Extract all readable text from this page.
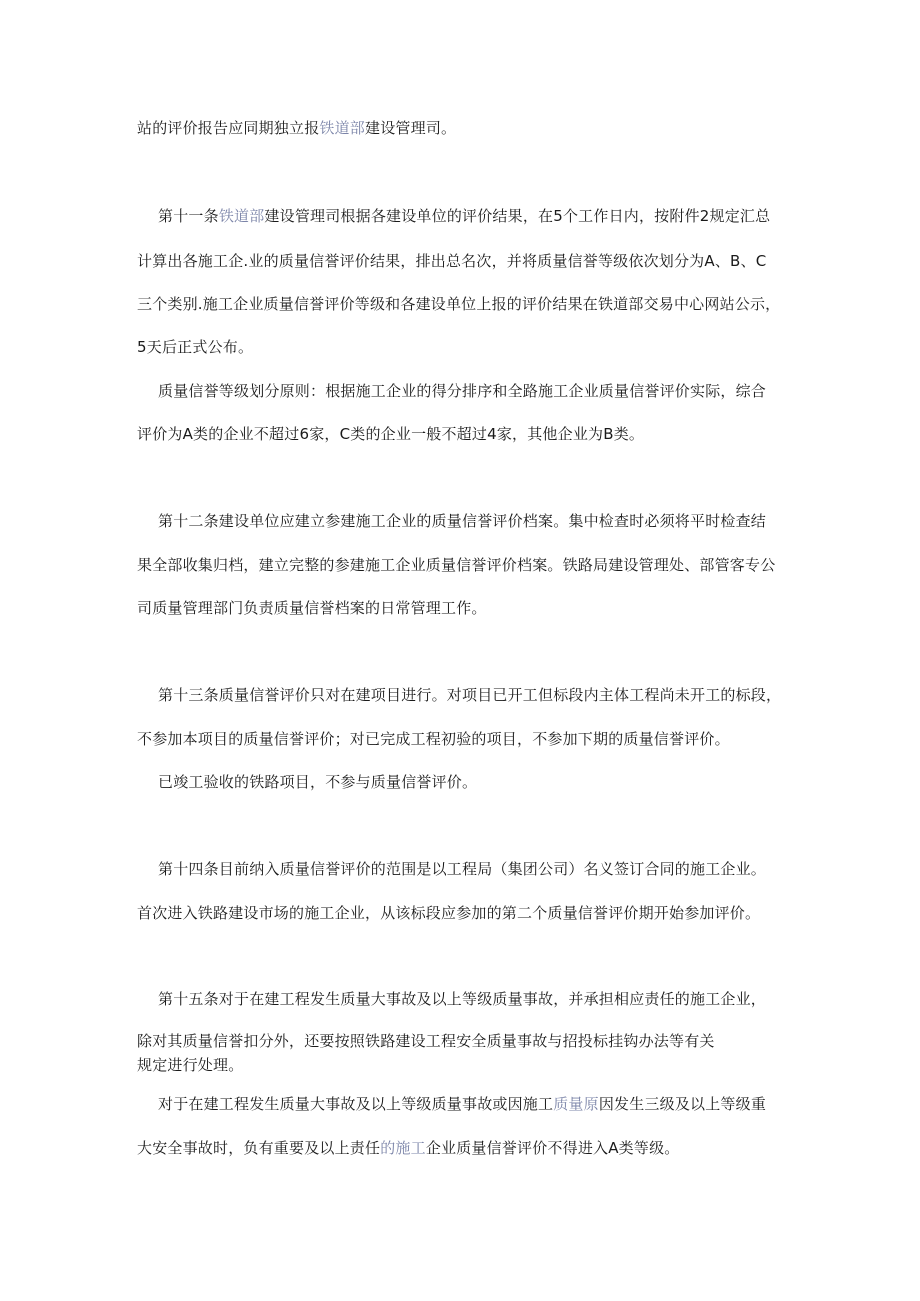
站的评价报告应同期独立报铁道部建设管理司。
第十一条铁道部建设管理司根据各建设单位的评价结果，在5个工作日内，按附件2规定汇总
计算出各施工企.业的质量信誉评价结果，排出总名次，并将质量信誉等级依次划分为A、B、C
三个类别.施工企业质量信誉评价等级和各建设单位上报的评价结果在铁道部交易中心网站公示，
5天后正式公布。
质量信誉等级划分原则：根据施工企业的得分排序和全路施工企业质量信誉评价实际，综合
评价为A类的企业不超过6家，C类的企业一般不超过4家，其他企业为B类。
第十二条建设单位应建立参建施工企业的质量信誉评价档案。集中检查时必须将平时检查结
果全部收集归档，建立完整的参建施工企业质量信誉评价档案。铁路局建设管理处、部管客专公
司质量管理部门负责质量信誉档案的日常管理工作。
第十三条质量信誉评价只对在建项目进行。对项目已开工但标段内主体工程尚未开工的标段，
不参加本项目的质量信誉评价；对已完成工程初验的项目，不参加下期的质量信誉评价。
已竣工验收的铁路项目，不参与质量信誉评价。
第十四条目前纳入质量信誉评价的范围是以工程局（集团公司）名义签订合同的施工企业。
首次进入铁路建设市场的施工企业，从该标段应参加的第二个质量信誉评价期开始参加评价。
第十五条对于在建工程发生质量大事故及以上等级质量事故，并承担相应责任的施工企业，
除对其质量信誉扣分外，还要按照铁路建设工程安全质量事故与招投标挂钩办法等有关
规定进行处理。
对于在建工程发生质量大事故及以上等级质量事故或因施工质量原因发生三级及以上等级重
大安全事故时，负有重要及以上责任的施工企业质量信誉评价不得进入A类等级。
